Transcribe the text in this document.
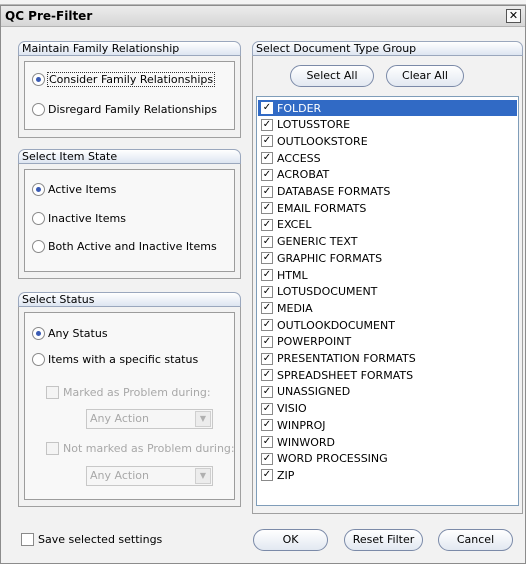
QC Pre-Filter	✕
Maintain Family Relationship
Consider Family Relationships
Disregard Family Relationships
Select Item State
Active Items
Inactive Items
Both Active and Inactive Items
Select Status
Any Status
Items with a specific status
Marked as Problem during:
Any Action	▼
Not marked as Problem during:
Any Action	▼
Select Document Type Group
Select All	Clear All
✓ FOLDER
✓ LOTUSSTORE
✓ OUTLOOKSTORE
✓ ACCESS
✓ ACROBAT
✓ DATABASE FORMATS
✓ EMAIL FORMATS
✓ EXCEL
✓ GENERIC TEXT
✓ GRAPHIC FORMATS
✓ HTML
✓ LOTUSDOCUMENT
✓ MEDIA
✓ OUTLOOKDOCUMENT
✓ POWERPOINT
✓ PRESENTATION FORMATS
✓ SPREADSHEET FORMATS
✓ UNASSIGNED
✓ VISIO
✓ WINPROJ
✓ WINWORD
✓ WORD PROCESSING
✓ ZIP
Save selected settings	OK	Reset Filter	Cancel
